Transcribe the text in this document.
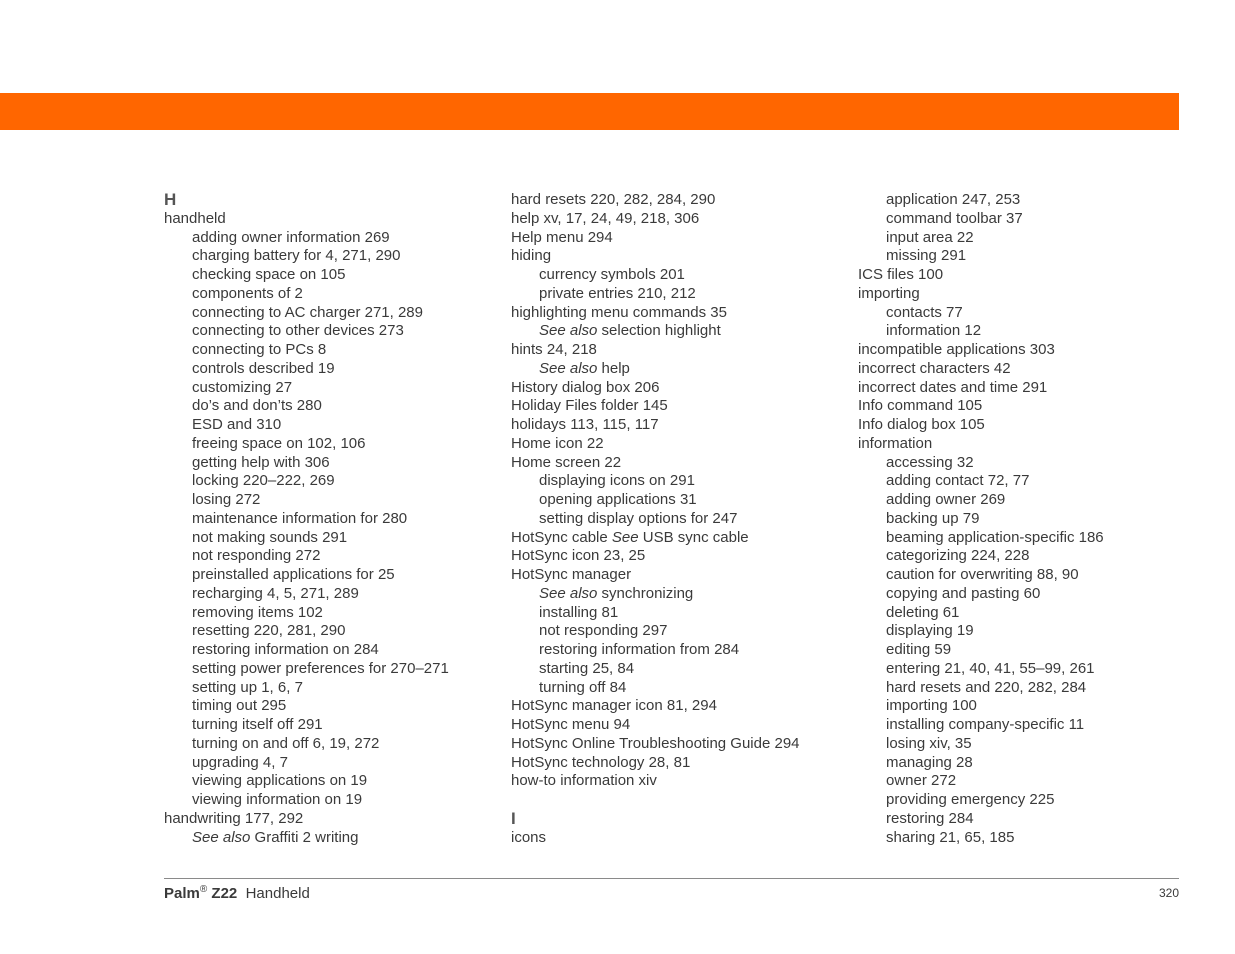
H
handheld
adding owner information 269
charging battery for 4, 271, 290
checking space on 105
components of 2
connecting to AC charger 271, 289
connecting to other devices 273
connecting to PCs 8
controls described 19
customizing 27
do’s and don’ts 280
ESD and 310
freeing space on 102, 106
getting help with 306
locking 220–222, 269
losing 272
maintenance information for 280
not making sounds 291
not responding 272
preinstalled applications for 25
recharging 4, 5, 271, 289
removing items 102
resetting 220, 281, 290
restoring information on 284
setting power preferences for 270–271
setting up 1, 6, 7
timing out 295
turning itself off 291
turning on and off 6, 19, 272
upgrading 4, 7
viewing applications on 19
viewing information on 19
handwriting 177, 292
See also Graffiti 2 writing
hard resets 220, 282, 284, 290
help xv, 17, 24, 49, 218, 306
Help menu 294
hiding
currency symbols 201
private entries 210, 212
highlighting menu commands 35
See also selection highlight
hints 24, 218
See also help
History dialog box 206
Holiday Files folder 145
holidays 113, 115, 117
Home icon 22
Home screen 22
displaying icons on 291
opening applications 31
setting display options for 247
HotSync cable See USB sync cable
HotSync icon 23, 25
HotSync manager
See also synchronizing
installing 81
not responding 297
restoring information from 284
starting 25, 84
turning off 84
HotSync manager icon 81, 294
HotSync menu 94
HotSync Online Troubleshooting Guide 294
HotSync technology 28, 81
how-to information xiv
I
icons
application 247, 253
command toolbar 37
input area 22
missing 291
ICS files 100
importing
contacts 77
information 12
incompatible applications 303
incorrect characters 42
incorrect dates and time 291
Info command 105
Info dialog box 105
information
accessing 32
adding contact 72, 77
adding owner 269
backing up 79
beaming application-specific 186
categorizing 224, 228
caution for overwriting 88, 90
copying and pasting 60
deleting 61
displaying 19
editing 59
entering 21, 40, 41, 55–99, 261
hard resets and 220, 282, 284
importing 100
installing company-specific 11
losing xiv, 35
managing 28
owner 272
providing emergency 225
restoring 284
sharing 21, 65, 185
Palm® Z22 Handheld	320
